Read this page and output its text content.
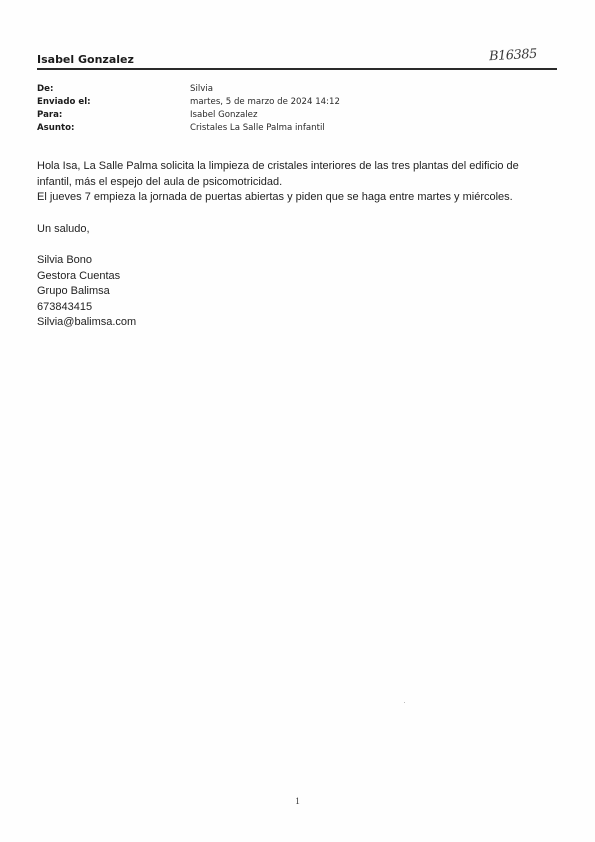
Isabel Gonzalez	B16385
De:	Silvia
Enviado el:	martes, 5 de marzo de 2024 14:12
Para:	Isabel Gonzalez
Asunto:	Cristales La Salle Palma infantil

Hola Isa, La Salle Palma solicita la limpieza de cristales interiores de las tres plantas del edificio de

infantil, más el espejo del aula de psicomotricidad.

El jueves 7 empieza la jornada de puertas abiertas y piden que se haga entre martes y miércoles.

Un saludo,

Silvia Bono

Gestora Cuentas

Grupo Balimsa

673843415

Silvia@balimsa.com

1
